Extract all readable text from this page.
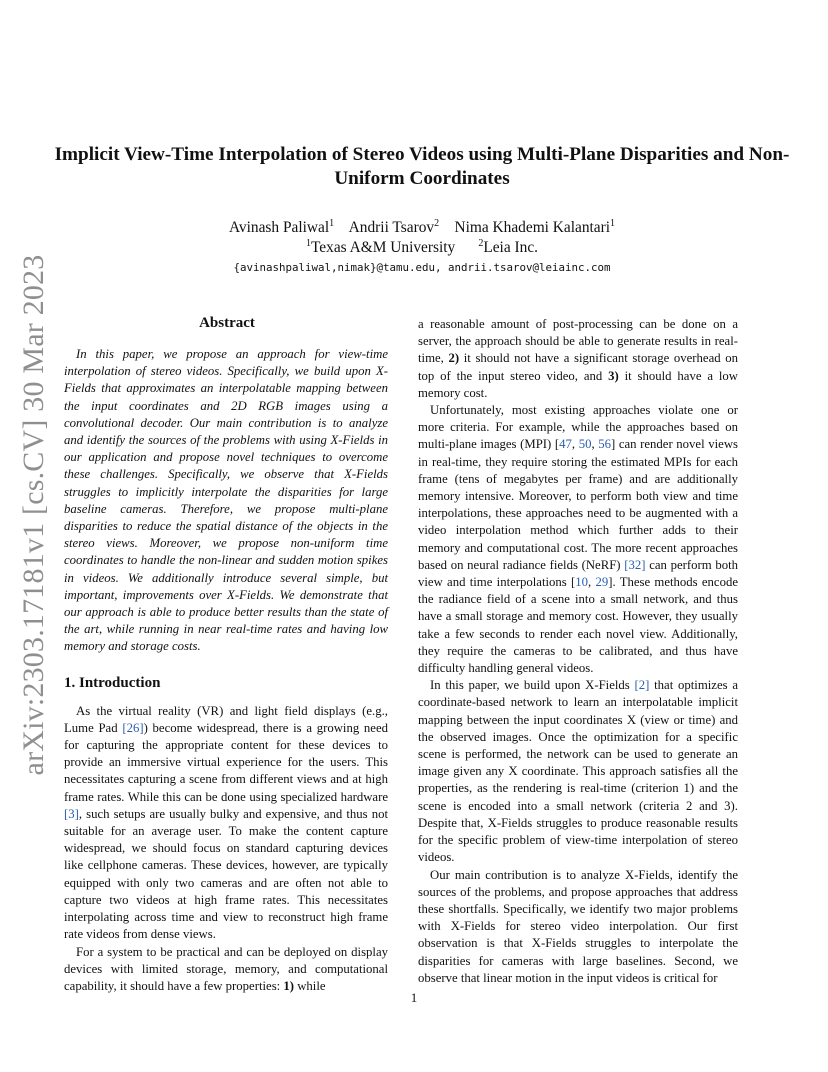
arXiv:2303.17181v1 [cs.CV] 30 Mar 2023
Implicit View-Time Interpolation of Stereo Videos using Multi-Plane Disparities and Non-Uniform Coordinates
Avinash Paliwal$^1$ Andrii Tsarov$^2$ Nima Khademi Kalantari$^1$
$^1$Texas A&M University $^2$Leia Inc.
{avinashpaliwal,nimak}@tamu.edu, andrii.tsarov@leiainc.com
Abstract

In this paper, we propose an approach for view-time interpolation of stereo videos. Specifically, we build upon X-Fields that approximates an interpolatable mapping between the input coordinates and 2D RGB images using a convolutional decoder. Our main contribution is to analyze and identify the sources of the problems with using X-Fields in our application and propose novel techniques to overcome these challenges. Specifically, we observe that X-Fields struggles to implicitly interpolate the disparities for large baseline cameras. Therefore, we propose multi-plane disparities to reduce the spatial distance of the objects in the stereo views. Moreover, we propose non-uniform time coordinates to handle the non-linear and sudden motion spikes in videos. We additionally introduce several simple, but important, improvements over X-Fields. We demonstrate that our approach is able to produce better results than the state of the art, while running in near real-time rates and having low memory and storage costs.

1. Introduction

As the virtual reality (VR) and light field displays (e.g., Lume Pad [26]) become widespread, there is a growing need for capturing the appropriate content for these devices to provide an immersive virtual experience for the users. This necessitates capturing a scene from different views and at high frame rates. While this can be done using specialized hardware [3], such setups are usually bulky and expensive, and thus not suitable for an average user. To make the content capture widespread, we should focus on standard capturing devices like cellphone cameras. These devices, however, are typically equipped with only two cameras and are often not able to capture two videos at high frame rates. This necessitates interpolating across time and view to reconstruct high frame rate videos from dense views.

For a system to be practical and can be deployed on display devices with limited storage, memory, and computational capability, it should have a few properties: 1) while

a reasonable amount of post-processing can be done on a server, the approach should be able to generate results in real-time, 2) it should not have a significant storage overhead on top of the input stereo video, and 3) it should have a low memory cost.

Unfortunately, most existing approaches violate one or more criteria. For example, while the approaches based on multi-plane images (MPI) [47, 50, 56] can render novel views in real-time, they require storing the estimated MPIs for each frame (tens of megabytes per frame) and are additionally memory intensive. Moreover, to perform both view and time interpolations, these approaches need to be augmented with a video interpolation method which further adds to their memory and computational cost. The more recent approaches based on neural radiance fields (NeRF) [32] can perform both view and time interpolations [10, 29]. These methods encode the radiance field of a scene into a small network, and thus have a small storage and memory cost. However, they usually take a few seconds to render each novel view. Additionally, they require the cameras to be calibrated, and thus have difficulty handling general videos.

In this paper, we build upon X-Fields [2] that optimizes a coordinate-based network to learn an interpolatable implicit mapping between the input coordinates X (view or time) and the observed images. Once the optimization for a specific scene is performed, the network can be used to generate an image given any X coordinate. This approach satisfies all the properties, as the rendering is real-time (criterion 1) and the scene is encoded into a small network (criteria 2 and 3). Despite that, X-Fields struggles to produce reasonable results for the specific problem of view-time interpolation of stereo videos.

Our main contribution is to analyze X-Fields, identify the sources of the problems, and propose approaches that address these shortfalls. Specifically, we identify two major problems with X-Fields for stereo video interpolation. Our first observation is that X-Fields struggles to interpolate the disparities for cameras with large baselines. Second, we observe that linear motion in the input videos is critical for

1
